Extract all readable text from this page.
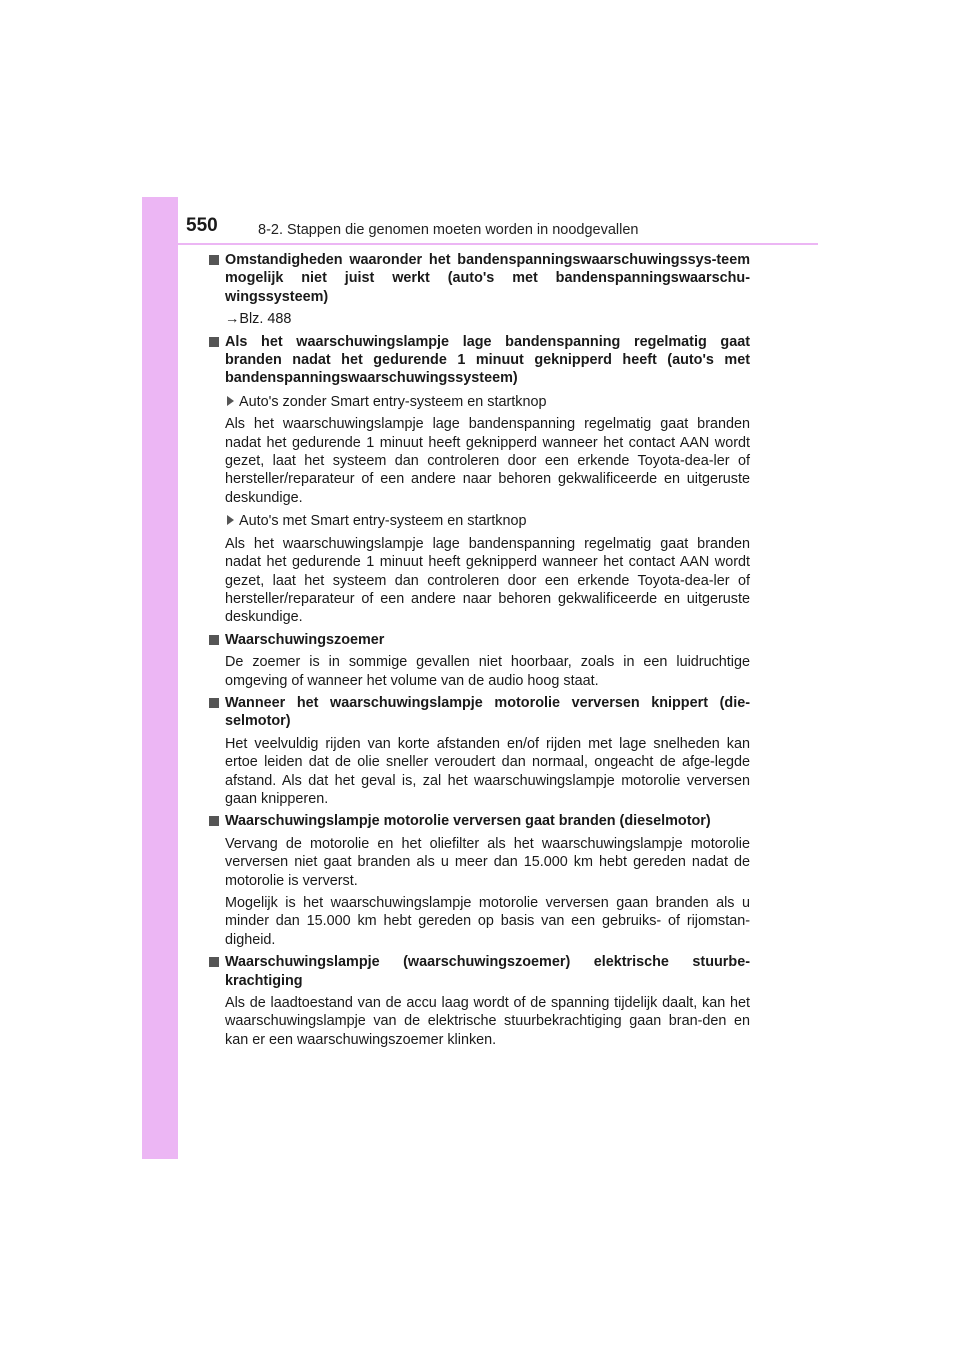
550	8-2. Stappen die genomen moeten worden in noodgevallen
Omstandigheden waaronder het bandenspanningswaarschuwingssys-teem mogelijk niet juist werkt (auto's met bandenspanningswaarschu-wingssysteem)
→Blz. 488
Als het waarschuwingslampje lage bandenspanning regelmatig gaat branden nadat het gedurende 1 minuut geknipperd heeft (auto's met bandenspanningswaarschuwingssysteem)
Auto's zonder Smart entry-systeem en startknop
Als het waarschuwingslampje lage bandenspanning regelmatig gaat branden nadat het gedurende 1 minuut heeft geknipperd wanneer het contact AAN wordt gezet, laat het systeem dan controleren door een erkende Toyota-dea-ler of hersteller/reparateur of een andere naar behoren gekwalificeerde en uitgeruste deskundige.
Auto's met Smart entry-systeem en startknop
Als het waarschuwingslampje lage bandenspanning regelmatig gaat branden nadat het gedurende 1 minuut heeft geknipperd wanneer het contact AAN wordt gezet, laat het systeem dan controleren door een erkende Toyota-dea-ler of hersteller/reparateur of een andere naar behoren gekwalificeerde en uitgeruste deskundige.
Waarschuwingszoemer
De zoemer is in sommige gevallen niet hoorbaar, zoals in een luidruchtige omgeving of wanneer het volume van de audio hoog staat.
Wanneer het waarschuwingslampje motorolie verversen knippert (die-selmotor)
Het veelvuldig rijden van korte afstanden en/of rijden met lage snelheden kan ertoe leiden dat de olie sneller veroudert dan normaal, ongeacht de afge-legde afstand. Als dat het geval is, zal het waarschuwingslampje motorolie verversen gaan knipperen.
Waarschuwingslampje motorolie verversen gaat branden (dieselmotor)
Vervang de motorolie en het oliefilter als het waarschuwingslampje motorolie verversen niet gaat branden als u meer dan 15.000 km hebt gereden nadat de motorolie is ververst.
Mogelijk is het waarschuwingslampje motorolie verversen gaan branden als u minder dan 15.000 km hebt gereden op basis van een gebruiks- of rijomstan-digheid.
Waarschuwingslampje (waarschuwingszoemer) elektrische stuurbe-krachtiging
Als de laadtoestand van de accu laag wordt of de spanning tijdelijk daalt, kan het waarschuwingslampje van de elektrische stuurbekrachtiging gaan bran-den en kan er een waarschuwingszoemer klinken.
